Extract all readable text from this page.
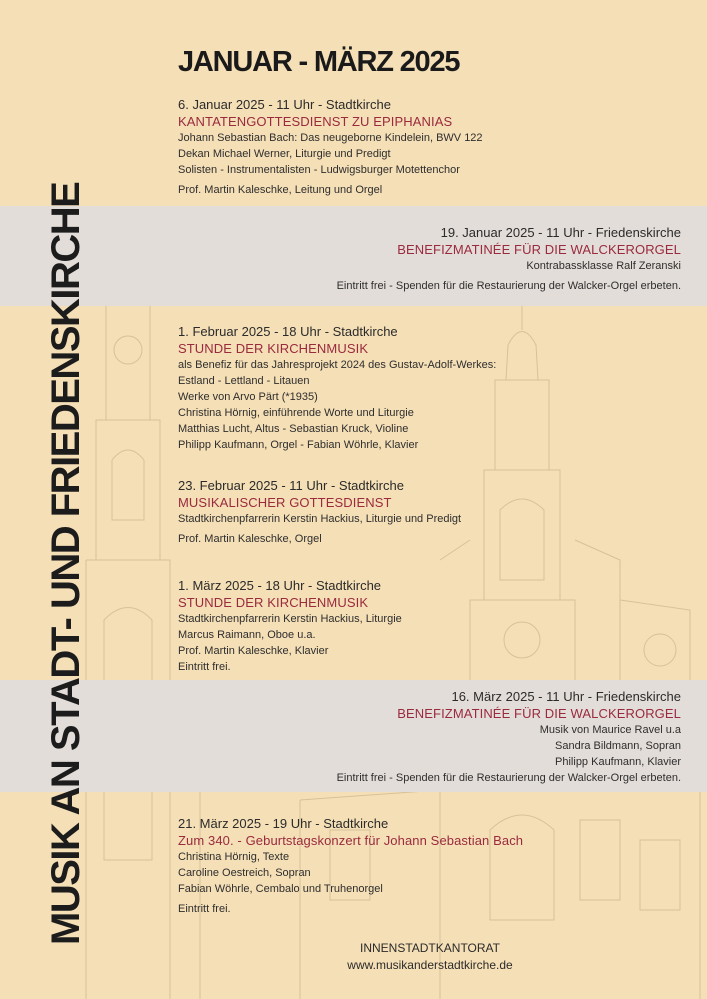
MUSIK AN STADT- UND FRIEDENSKIRCHE
JANUAR - MÄRZ 2025
6. Januar 2025 - 11 Uhr - Stadtkirche
KANTATENGOTTESDIENST ZU EPIPHANIAS
Johann Sebastian Bach: Das neugeborne Kindelein, BWV 122
Dekan Michael Werner, Liturgie und Predigt
Solisten - Instrumentalisten - Ludwigsburger Motettenchor
Prof. Martin Kaleschke, Leitung und Orgel
19. Januar 2025 - 11 Uhr - Friedenskirche
BENEFIZMATINÉE FÜR DIE WALCKERORGEL
Kontrabassklasse Ralf Zeranski
Eintritt frei - Spenden für die Restaurierung der Walcker-Orgel erbeten.
1. Februar 2025 - 18 Uhr - Stadtkirche
STUNDE DER KIRCHENMUSIK
als Benefiz für das Jahresprojekt 2024 des Gustav-Adolf-Werkes:
Estland - Lettland - Litauen
Werke von Arvo Pärt (*1935)
Christina Hörnig, einführende Worte und Liturgie
Matthias Lucht, Altus - Sebastian Kruck, Violine
Philipp Kaufmann, Orgel - Fabian Wöhrle, Klavier
23. Februar 2025 - 11 Uhr - Stadtkirche
MUSIKALISCHER GOTTESDIENST
Stadtkirchenpfarrerin Kerstin Hackius, Liturgie und Predigt
Prof. Martin Kaleschke, Orgel
1. März 2025 - 18 Uhr - Stadtkirche
STUNDE DER KIRCHENMUSIK
Stadtkirchenpfarrerin Kerstin Hackius, Liturgie
Marcus Raimann, Oboe u.a.
Prof. Martin Kaleschke, Klavier
Eintritt frei.
16. März 2025 - 11 Uhr - Friedenskirche
BENEFIZMATINÉE FÜR DIE WALCKERORGEL
Musik von Maurice Ravel u.a
Sandra Bildmann, Sopran
Philipp Kaufmann, Klavier
Eintritt frei - Spenden für die Restaurierung der Walcker-Orgel erbeten.
21. März 2025 - 19 Uhr - Stadtkirche
Zum 340. - Geburtstagskonzert für Johann Sebastian Bach
Christina Hörnig, Texte
Caroline Oestreich, Sopran
Fabian Wöhrle, Cembalo und Truhenorgel
Eintritt frei.
INNENSTADTKANTORAT
www.musikanderstadtkirche.de
